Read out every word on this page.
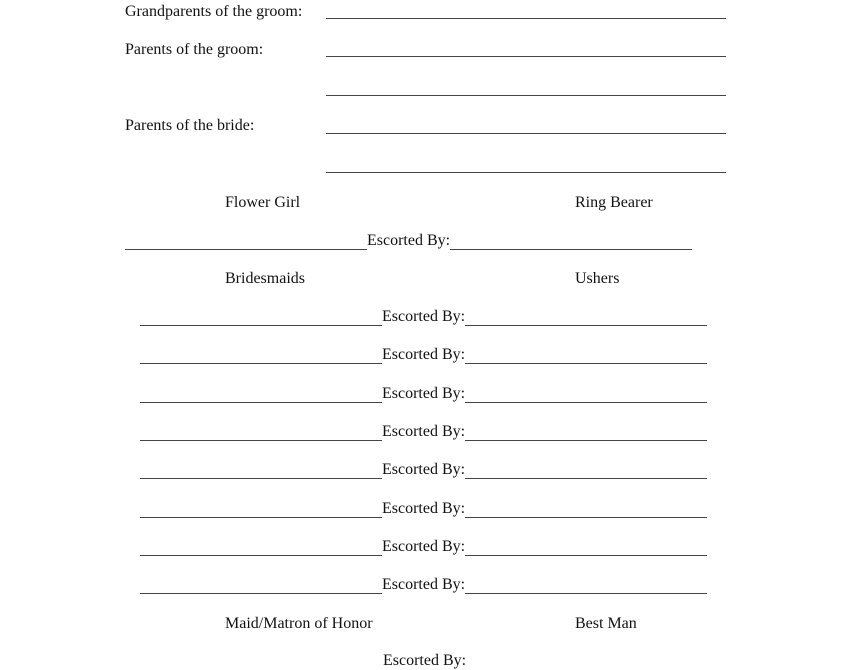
Grandparents of the groom:
Parents of the groom:
Parents of the bride:
Flower Girl	Ring Bearer
Escorted By:
Bridesmaids	Ushers
Escorted By:
Escorted By:
Escorted By:
Escorted By:
Escorted By:
Escorted By:
Escorted By:
Escorted By:
Maid/Matron of Honor	Best Man
Escorted By:
